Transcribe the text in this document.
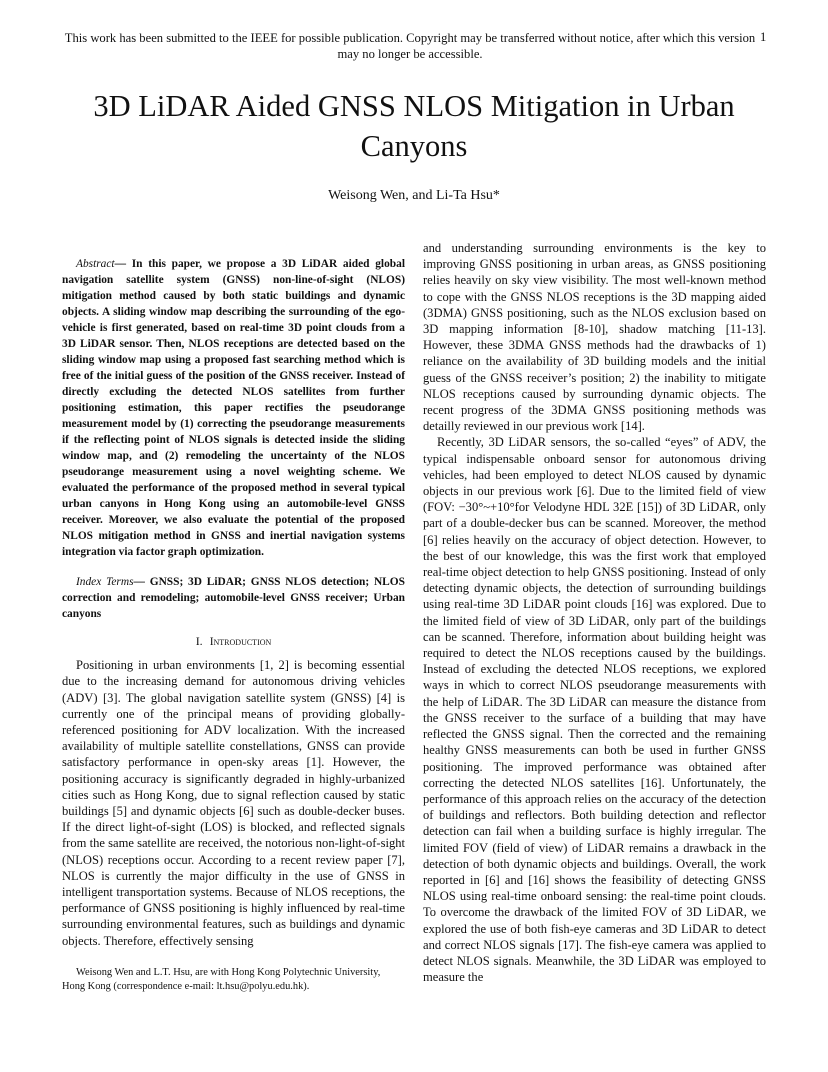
This work has been submitted to the IEEE for possible publication. Copyright may be transferred without notice, after which this version may no longer be accessible.
1
3D LiDAR Aided GNSS NLOS Mitigation in Urban Canyons
Weisong Wen, and Li-Ta Hsu*

Abstract— In this paper, we propose a 3D LiDAR aided global navigation satellite system (GNSS) non-line-of-sight (NLOS) mitigation method caused by both static buildings and dynamic objects. A sliding window map describing the surrounding of the ego-vehicle is first generated, based on real-time 3D point clouds from a 3D LiDAR sensor. Then, NLOS receptions are detected based on the sliding window map using a proposed fast searching method which is free of the initial guess of the position of the GNSS receiver. Instead of directly excluding the detected NLOS satellites from further positioning estimation, this paper rectifies the pseudorange measurement model by (1) correcting the pseudorange measurements if the reflecting point of NLOS signals is detected inside the sliding window map, and (2) remodeling the uncertainty of the NLOS pseudorange measurement using a novel weighting scheme. We evaluated the performance of the proposed method in several typical urban canyons in Hong Kong using an automobile-level GNSS receiver. Moreover, we also evaluate the potential of the proposed NLOS mitigation method in GNSS and inertial navigation systems integration via factor graph optimization.

Index Terms— GNSS; 3D LiDAR; GNSS NLOS detection; NLOS correction and remodeling; automobile-level GNSS receiver; Urban canyons

I. Introduction

Positioning in urban environments [1, 2] is becoming essential due to the increasing demand for autonomous driving vehicles (ADV) [3]. The global navigation satellite system (GNSS) [4] is currently one of the principal means of providing globally-referenced positioning for ADV localization. With the increased availability of multiple satellite constellations, GNSS can provide satisfactory performance in open-sky areas [1]. However, the positioning accuracy is significantly degraded in highly-urbanized cities such as Hong Kong, due to signal reflection caused by static buildings [5] and dynamic objects [6] such as double-decker buses. If the direct light-of-sight (LOS) is blocked, and reflected signals from the same satellite are received, the notorious non-light-of-sight (NLOS) receptions occur. According to a recent review paper [7], NLOS is currently the major difficulty in the use of GNSS in intelligent transportation systems. Because of NLOS receptions, the performance of GNSS positioning is highly influenced by real-time surrounding environmental features, such as buildings and dynamic objects. Therefore, effectively sensing

and understanding surrounding environments is the key to improving GNSS positioning in urban areas, as GNSS positioning relies heavily on sky view visibility. The most well-known method to cope with the GNSS NLOS receptions is the 3D mapping aided (3DMA) GNSS positioning, such as the NLOS exclusion based on 3D mapping information [8-10], shadow matching [11-13]. However, these 3DMA GNSS methods had the drawbacks of 1) reliance on the availability of 3D building models and the initial guess of the GNSS receiver’s position; 2) the inability to mitigate NLOS receptions caused by surrounding dynamic objects. The recent progress of the 3DMA GNSS positioning methods was detailly reviewed in our previous work [14].

Recently, 3D LiDAR sensors, the so-called “eyes” of ADV, the typical indispensable onboard sensor for autonomous driving vehicles, had been employed to detect NLOS caused by dynamic objects in our previous work [6]. Due to the limited field of view (FOV: −30°~+10°for Velodyne HDL 32E [15]) of 3D LiDAR, only part of a double-decker bus can be scanned. Moreover, the method [6] relies heavily on the accuracy of object detection. However, to the best of our knowledge, this was the first work that employed real-time object detection to help GNSS positioning. Instead of only detecting dynamic objects, the detection of surrounding buildings using real-time 3D LiDAR point clouds [16] was explored. Due to the limited field of view of 3D LiDAR, only part of the buildings can be scanned. Therefore, information about building height was required to detect the NLOS receptions caused by the buildings. Instead of excluding the detected NLOS receptions, we explored ways in which to correct NLOS pseudorange measurements with the help of LiDAR. The 3D LiDAR can measure the distance from the GNSS receiver to the surface of a building that may have reflected the GNSS signal. Then the corrected and the remaining healthy GNSS measurements can both be used in further GNSS positioning. The improved performance was obtained after correcting the detected NLOS satellites [16]. Unfortunately, the performance of this approach relies on the accuracy of the detection of buildings and reflectors. Both building detection and reflector detection can fail when a building surface is highly irregular. The limited FOV (field of view) of LiDAR remains a drawback in the detection of both dynamic objects and buildings. Overall, the work reported in [6] and [16] shows the feasibility of detecting GNSS NLOS using real-time onboard sensing: the real-time point clouds. To overcome the drawback of the limited FOV of 3D LiDAR, we explored the use of both fish-eye cameras and 3D LiDAR to detect and correct NLOS signals [17]. The fish-eye camera was applied to detect NLOS signals. Meanwhile, the 3D LiDAR was employed to measure the

Weisong Wen and L.T. Hsu, are with Hong Kong Polytechnic University, Hong Kong (correspondence e-mail: lt.hsu@polyu.edu.hk).
